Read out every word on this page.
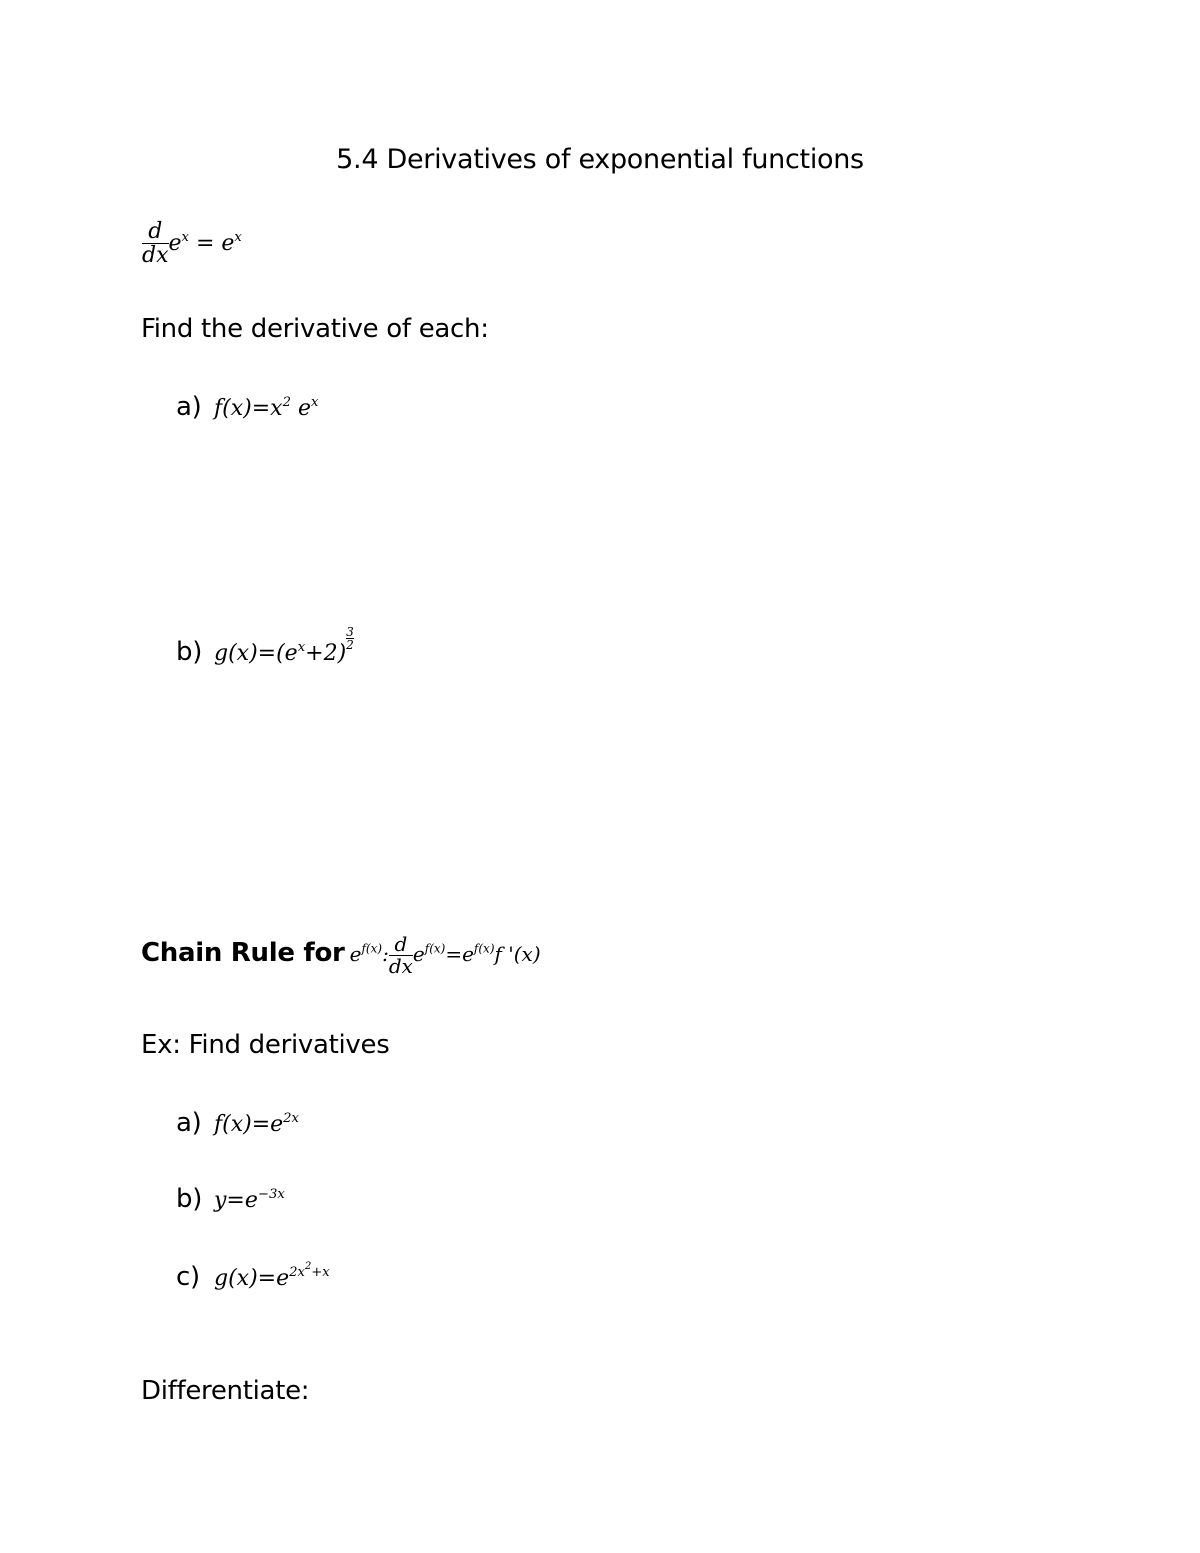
5.4 Derivatives of exponential functions
$\frac{d}{dx} e^x = e^x$
Find the derivative of each:
a) $f(x)=x^2$ $e^x$
b) $g(x)=(e^x+2)$
$\frac{3}{2}$
Chain Rule for $e^{f(x)}$: $\frac{d}{dx} e^{f(x)}=e^{f(x)}f$ '(x)
Ex: Find derivatives
a) $f(x)=e^{2x}$
b) $y=e^{-3x}$
c) $g(x)=e^{2x^2+x}$
Differentiate:
